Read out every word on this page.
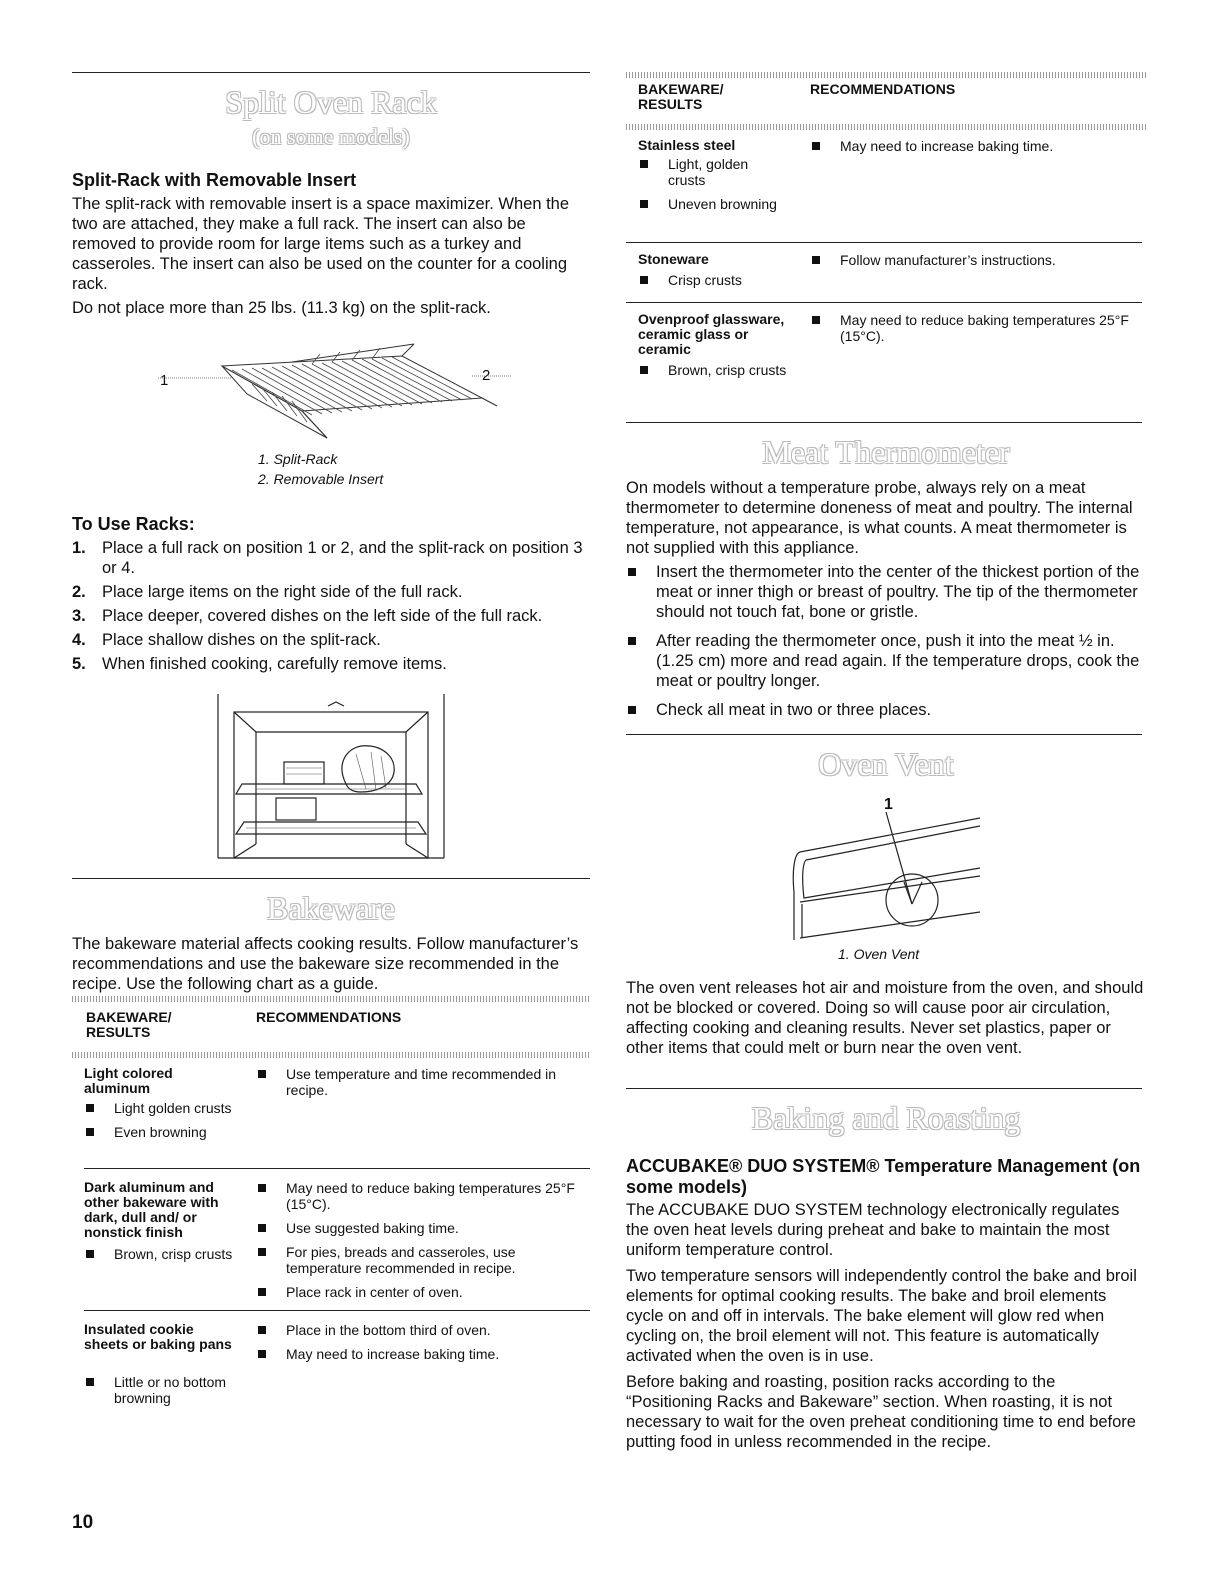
Split Oven Rack
(on some models)
Split-Rack with Removable Insert

The split-rack with removable insert is a space maximizer. When the two are attached, they make a full rack. The insert can also be removed to provide room for large items such as a turkey and casseroles. The insert can also be used on the counter for a cooling rack.

Do not place more than 25 lbs. (11.3 kg) on the split-rack.

1	2
1. Split-Rack
2. Removable Insert
To Use Racks:
1. Place a full rack on position 1 or 2, and the split-rack on position 3 or 4.
2. Place large items on the right side of the full rack.
3. Place deeper, covered dishes on the left side of the full rack.
4. Place shallow dishes on the split-rack.
5. When finished cooking, carefully remove items.
Bakeware

The bakeware material affects cooking results. Follow manufacturer’s recommendations and use the bakeware size recommended in the recipe. Use the following chart as a guide.

BAKEWARE/ RESULTS
RECOMMENDATIONS
Light colored aluminum
Light golden crusts
Even browning
Use temperature and time recommended in recipe.
Dark aluminum and other bakeware with dark, dull and/ or nonstick finish
Brown, crisp crusts
May need to reduce baking temperatures 25°F (15°C).
Use suggested baking time.
For pies, breads and casseroles, use temperature recommended in recipe.
Place rack in center of oven.
Insulated cookie sheets or baking pans
Little or no bottom browning
Place in the bottom third of oven.
May need to increase baking time.
BAKEWARE/ RESULTS
RECOMMENDATIONS
Stainless steel
Light, golden crusts
Uneven browning
May need to increase baking time.
Stoneware
Crisp crusts
Follow manufacturer’s instructions.
Ovenproof glassware, ceramic glass or ceramic
Brown, crisp crusts
May need to reduce baking temperatures 25°F (15°C).
Meat Thermometer

On models without a temperature probe, always rely on a meat thermometer to determine doneness of meat and poultry. The internal temperature, not appearance, is what counts. A meat thermometer is not supplied with this appliance.

Insert the thermometer into the center of the thickest portion of the meat or inner thigh or breast of poultry. The tip of the thermometer should not touch fat, bone or gristle.
After reading the thermometer once, push it into the meat ½ in. (1.25 cm) more and read again. If the temperature drops, cook the meat or poultry longer.
Check all meat in two or three places.
Oven Vent
1
1. Oven Vent

The oven vent releases hot air and moisture from the oven, and should not be blocked or covered. Doing so will cause poor air circulation, affecting cooking and cleaning results. Never set plastics, paper or other items that could melt or burn near the oven vent.

Baking and Roasting
ACCUBAKE® DUO SYSTEM® Temperature Management (on some models)

The ACCUBAKE DUO SYSTEM technology electronically regulates the oven heat levels during preheat and bake to maintain the most uniform temperature control.

Two temperature sensors will independently control the bake and broil elements for optimal cooking results. The bake and broil elements cycle on and off in intervals. The bake element will glow red when cycling on, the broil element will not. This feature is automatically activated when the oven is in use.

Before baking and roasting, position racks according to the “Positioning Racks and Bakeware” section. When roasting, it is not necessary to wait for the oven preheat conditioning time to end before putting food in unless recommended in the recipe.

10
